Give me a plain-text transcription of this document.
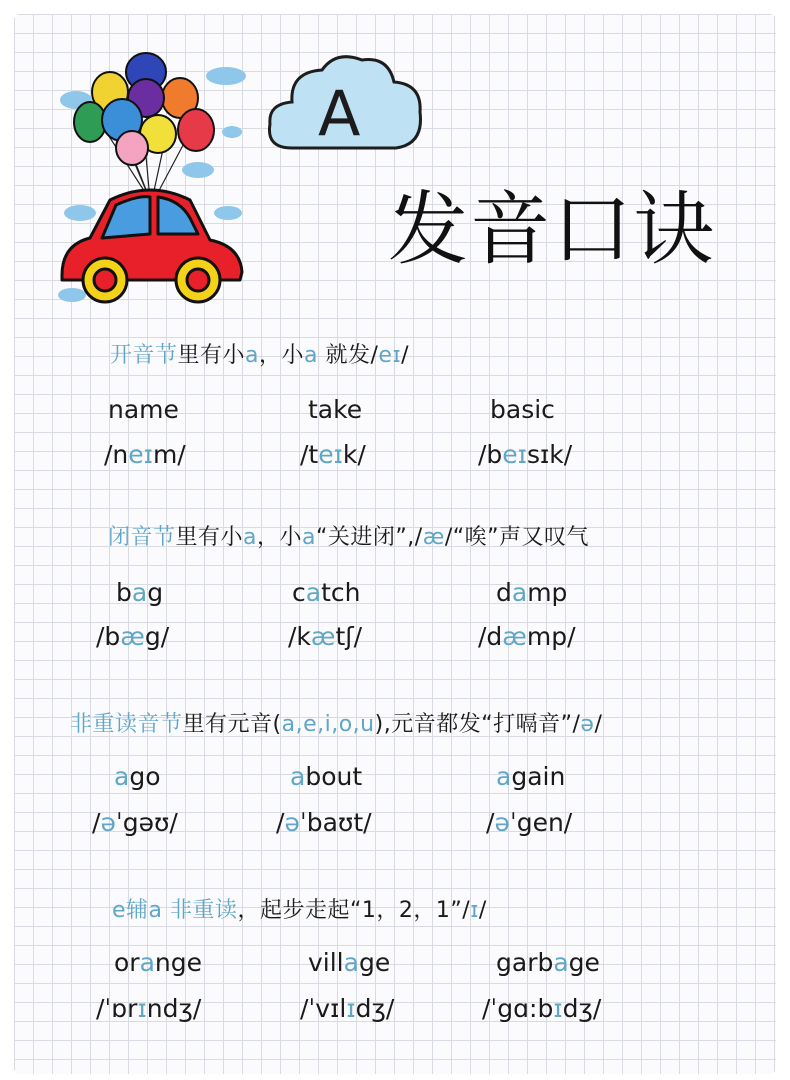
A
发音口诀
开音节里有小a，小a 就发/eɪ/
name
/neɪm/
take
/teɪk/
basic
/beɪsɪk/
闭音节里有小a，小a“关进闭”,/æ/“唉”声又叹气
bag
/bæg/
catch
/kætʃ/
damp
/dæmp/
非重读音节里有元音(a,e,i,o,u),元音都发“打嗝音”/ə/
ago
/əˈgəʊ/
about
/əˈbaʊt/
again
/əˈgen/
e辅a 非重读，起步走起“1，2，1”/ɪ/
orange
/ˈɒrɪndʒ/
village
/ˈvɪlɪdʒ/
garbage
/ˈgɑ:bɪdʒ/
